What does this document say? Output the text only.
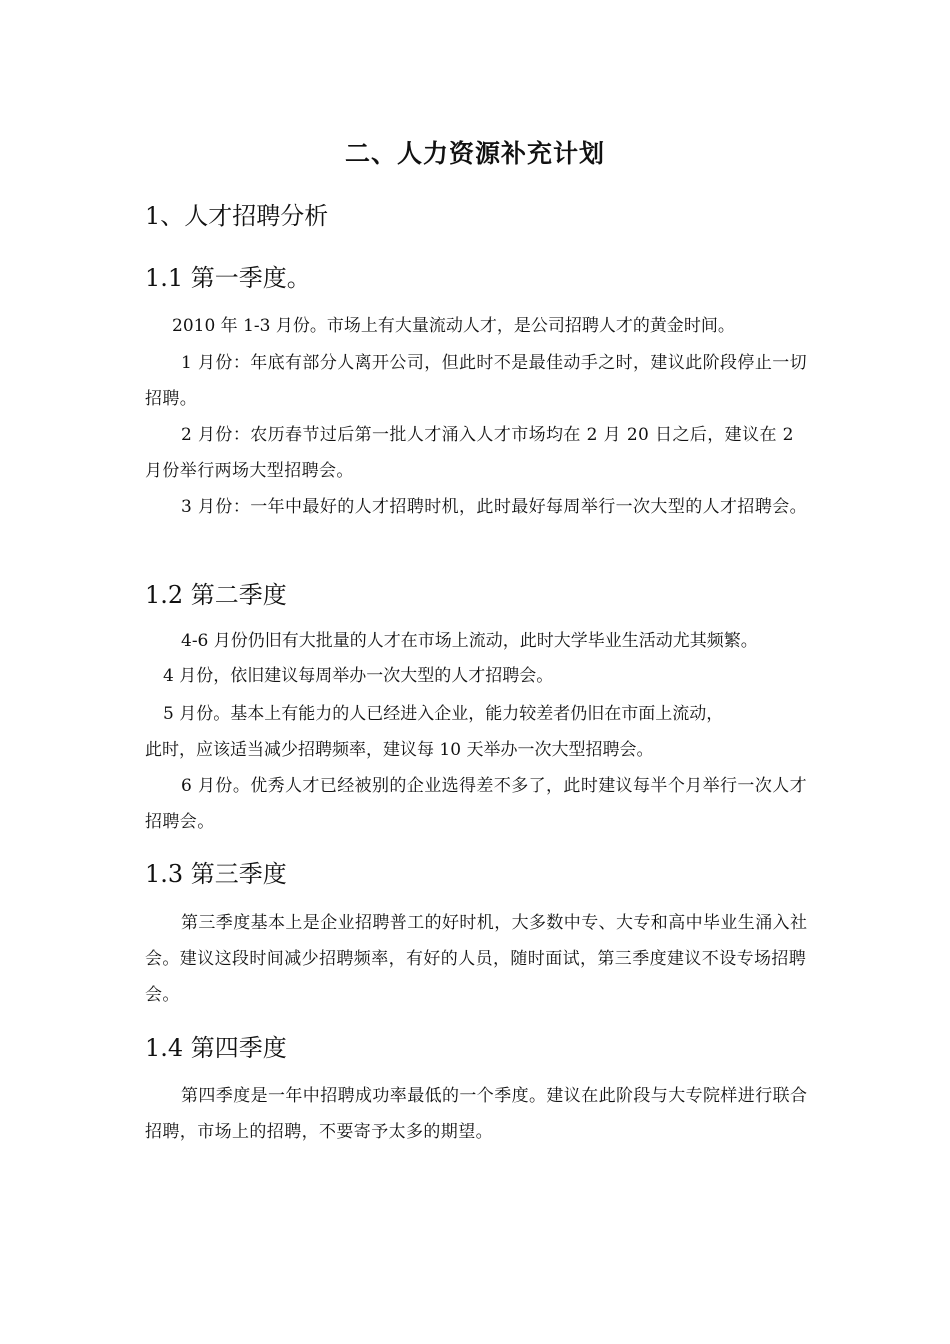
二、人力资源补充计划
1、人才招聘分析
1.1 第一季度。
2010 年 1-3 月份。市场上有大量流动人才，是公司招聘人才的黄金时间。
1 月份：年底有部分人离开公司，但此时不是最佳动手之时，建议此阶段停止一切招聘。
2 月份：农历春节过后第一批人才涌入人才市场均在 2 月 20 日之后，建议在 2 月份举行两场大型招聘会。
3 月份：一年中最好的人才招聘时机，此时最好每周举行一次大型的人才招聘会。
1.2 第二季度
4-6 月份仍旧有大批量的人才在市场上流动，此时大学毕业生活动尤其频繁。
4 月份，依旧建议每周举办一次大型的人才招聘会。
5 月份。基本上有能力的人已经进入企业，能力较差者仍旧在市面上流动，
此时，应该适当减少招聘频率，建议每 10 天举办一次大型招聘会。
6 月份。优秀人才已经被别的企业选得差不多了，此时建议每半个月举行一次人才招聘会。
1.3 第三季度
第三季度基本上是企业招聘普工的好时机，大多数中专、大专和高中毕业生涌入社会。建议这段时间减少招聘频率，有好的人员，随时面试，第三季度建议不设专场招聘会。
1.4 第四季度
第四季度是一年中招聘成功率最低的一个季度。建议在此阶段与大专院样进行联合招聘，市场上的招聘，不要寄予太多的期望。
